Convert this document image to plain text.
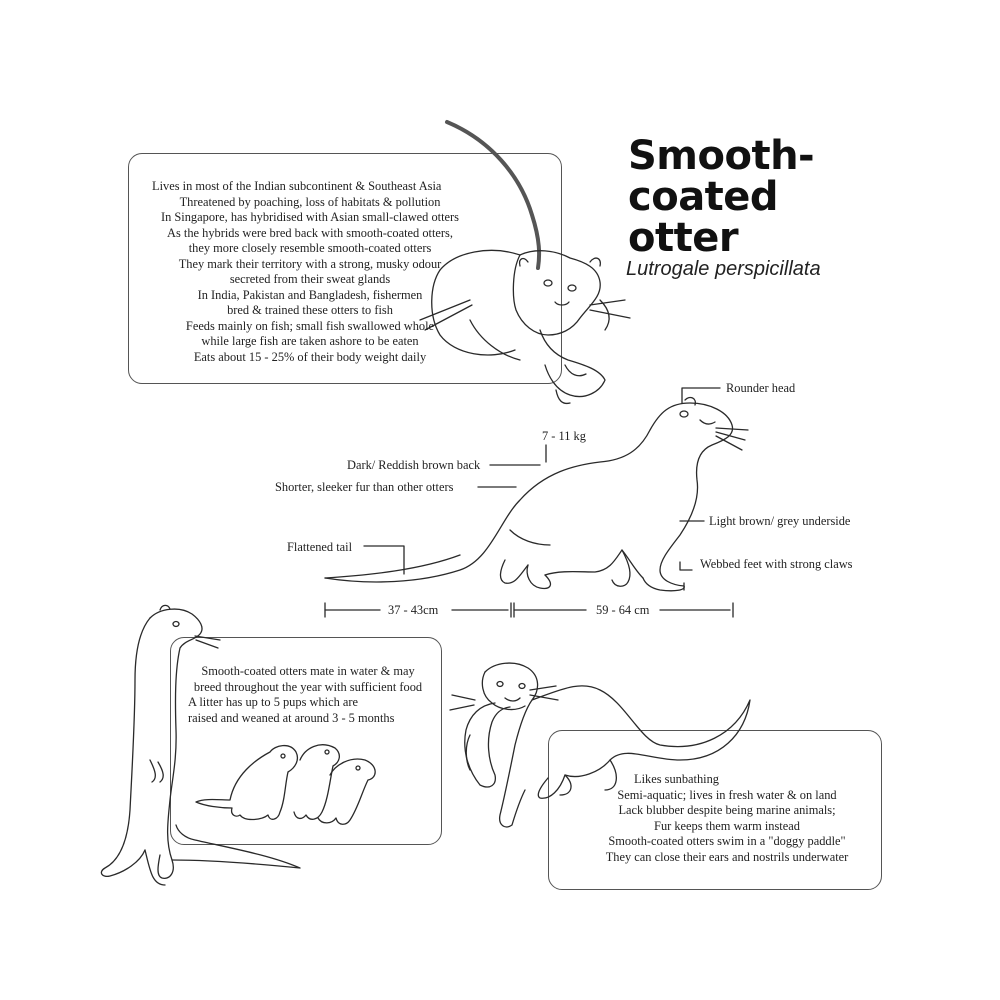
Smooth-
coated
otter
Lutrogale perspicillata
Lives in most of the Indian subcontinent & Southeast Asia
Threatened by poaching, loss of habitats & pollution
In Singapore, has hybridised with Asian small-clawed otters
As the hybrids were bred back with smooth-coated otters,
they more closely resemble smooth-coated otters
They mark their territory with a strong, musky odour
secreted from their sweat glands
In India, Pakistan and Bangladesh, fishermen
bred & trained these otters to fish
Feeds mainly on fish; small fish swallowed whole
while large fish are taken ashore to be eaten
Eats about 15 - 25% of their body weight daily
Rounder head
7 - 11 kg
Dark/ Reddish brown back
Shorter, sleeker fur than other otters
Flattened tail
Light brown/ grey underside
Webbed feet with strong claws
37 - 43cm	59 - 64 cm
Smooth-coated otters mate in water & may
breed throughout the year with sufficient food
A litter has up to 5 pups which are
raised and weaned at around 3 - 5 months
Likes sunbathing
Semi-aquatic; lives in fresh water & on land
Lack blubber despite being marine animals;
Fur keeps them warm instead
Smooth-coated otters swim in a "doggy paddle"
They can close their ears and nostrils underwater
